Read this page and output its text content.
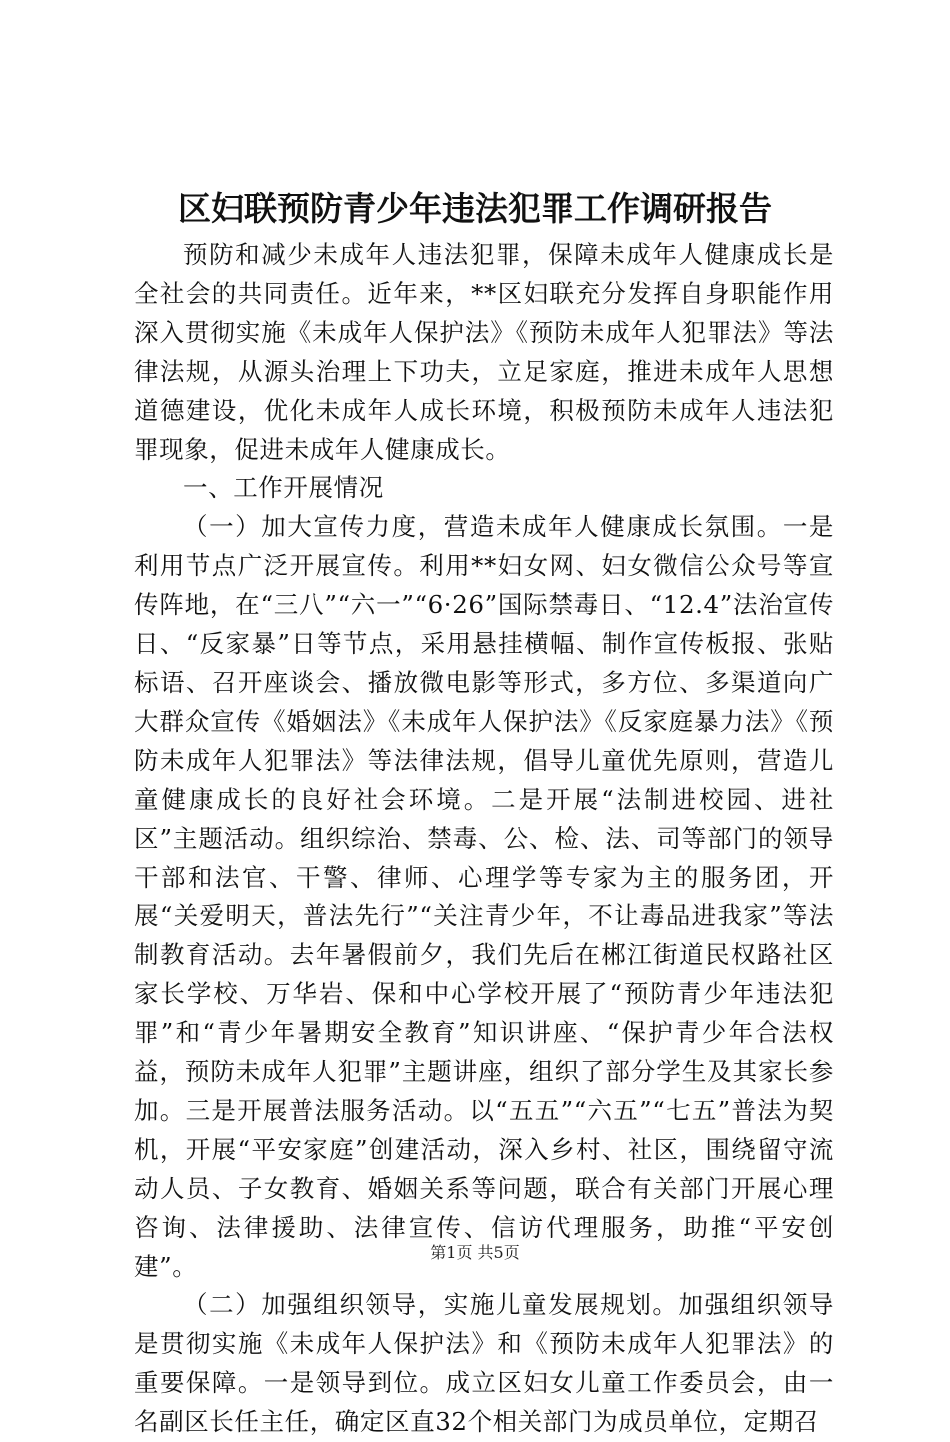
区妇联预防青少年违法犯罪工作调研报告

预防和减少未成年人违法犯罪，保障未成年人健康成长是全社会的共同责任。近年来，**区妇联充分发挥自身职能作用深入贯彻实施《未成年人保护法》《预防未成年人犯罪法》等法律法规，从源头治理上下功夫，立足家庭，推进未成年人思想道德建设，优化未成年人成长环境，积极预防未成年人违法犯罪现象，促进未成年人健康成长。

一、工作开展情况

（一）加大宣传力度，营造未成年人健康成长氛围。一是利用节点广泛开展宣传。利用**妇女网、妇女微信公众号等宣传阵地，在“三八”“六一”“6·26”国际禁毒日、“12.4”法治宣传日、“反家暴”日等节点，采用悬挂横幅、制作宣传板报、张贴标语、召开座谈会、播放微电影等形式，多方位、多渠道向广大群众宣传《婚姻法》《未成年人保护法》《反家庭暴力法》《预防未成年人犯罪法》等法律法规，倡导儿童优先原则，营造儿童健康成长的良好社会环境。二是开展“法制进校园、进社区”主题活动。组织综治、禁毒、公、检、法、司等部门的领导干部和法官、干警、律师、心理学等专家为主的服务团，开展“关爱明天，普法先行”“关注青少年，不让毒品进我家”等法制教育活动。去年暑假前夕，我们先后在郴江街道民权路社区家长学校、万华岩、保和中心学校开展了“预防青少年违法犯罪”和“青少年暑期安全教育”知识讲座、“保护青少年合法权益，预防未成年人犯罪”主题讲座，组织了部分学生及其家长参加。三是开展普法服务活动。以“五五”“六五”“七五”普法为契机，开展“平安家庭”创建活动，深入乡村、社区，围绕留守流动人员、子女教育、婚姻关系等问题，联合有关部门开展心理咨询、法律援助、法律宣传、信访代理服务，助推“平安创建”。

（二）加强组织领导，实施儿童发展规划。加强组织领导是贯彻实施《未成年人保护法》和《预防未成年人犯罪法》的重要保障。一是领导到位。成立区妇女儿童工作委员会，由一名副区长任主任，确定区直32个相关部门为成员单位，定期召

第1页 共5页
